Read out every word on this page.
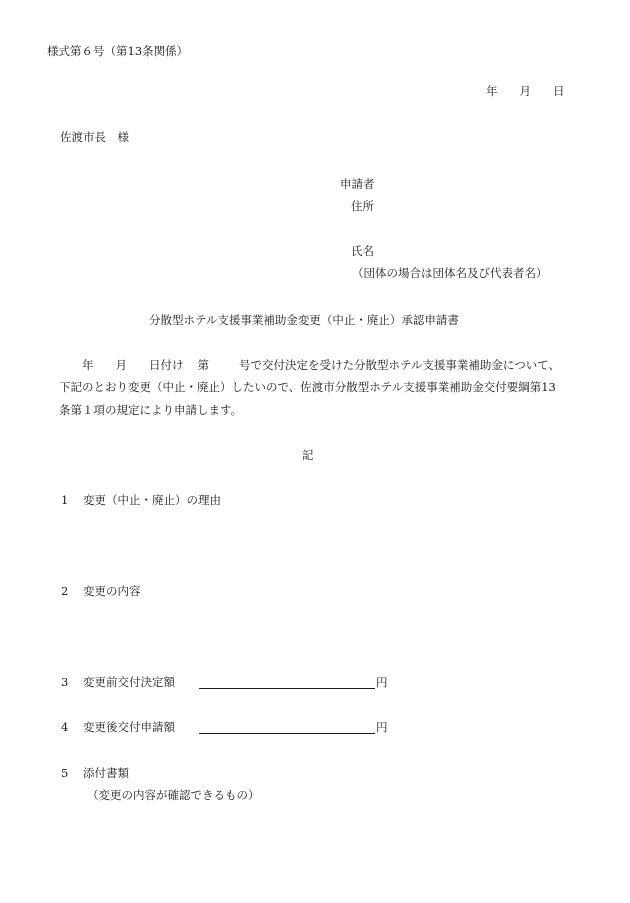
様式第６号（第13条関係）
年 月 日
佐渡市長　様
申請者
住所
氏名
（団体の場合は団体名及び代表者名）
分散型ホテル支援事業補助金変更（中止・廃止）承認申請書
年 月 日付け 第	号で交付決定を受けた分散型ホテル支援事業補助金について、
下記のとおり変更（中止・廃止）したいので、佐渡市分散型ホテル支援事業補助金交付要綱第13
条第１項の規定により申請します。
記
1 変更（中止・廃止）の理由
2 変更の内容
3 変更前交付決定額	円
4 変更後交付申請額	円
5 添付書類
（変更の内容が確認できるもの）
